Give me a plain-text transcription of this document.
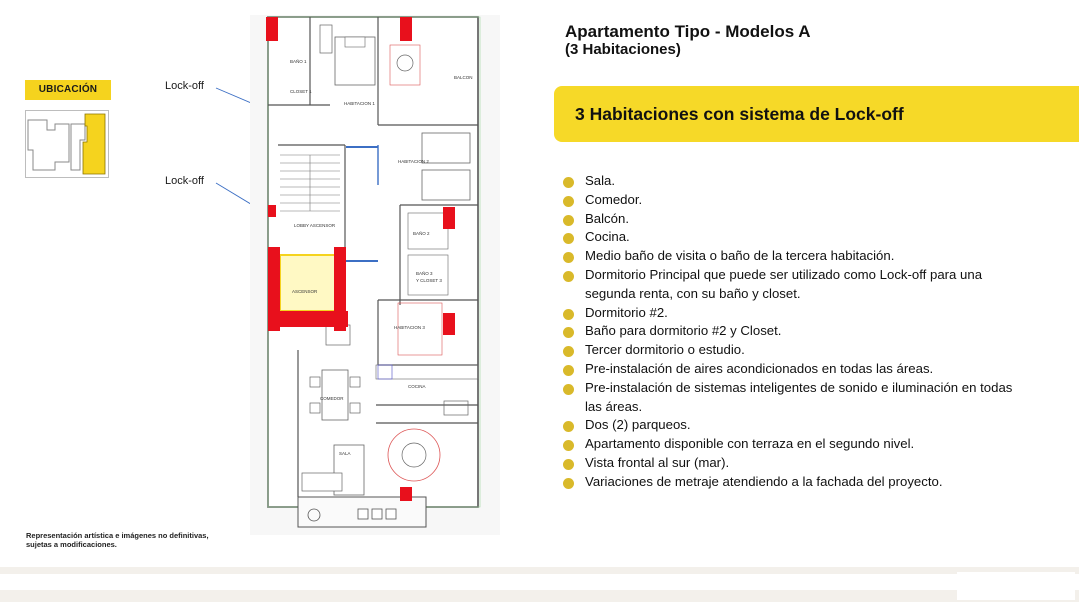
UBICACIÓN	Lock-off
Lock-off
Representación artística e imágenes no definitivas,
sujetas a modificaciones.
BAÑO 1
CLOSET 1
HABITACION 1
BALCON
HABITACION 2
LOBBY ASCENSOR
BAÑO 2
BAÑO 3
Y CLOSET 3
ASCENSOR
HABITACION 3
COCINA
COMEDOR
SALA
Apartamento Tipo - Modelos A
(3 Habitaciones)
3 Habitaciones con sistema de Lock-off
Sala.
Comedor.
Balcón.
Cocina.
Medio baño de visita o baño de la tercera habitación.
Dormitorio Principal que puede ser utilizado como Lock-off para una segunda renta, con su baño y closet.
Dormitorio #2.
Baño para dormitorio #2 y Closet.
Tercer dormitorio o estudio.
Pre-instalación de aires acondicionados en todas las áreas.
Pre-instalación de sistemas inteligentes de sonido e iluminación en todas las áreas.
Dos (2) parqueos.
Apartamento disponible con terraza en el segundo nivel.
Vista frontal al sur (mar).
Variaciones de metraje atendiendo a la fachada del proyecto.
